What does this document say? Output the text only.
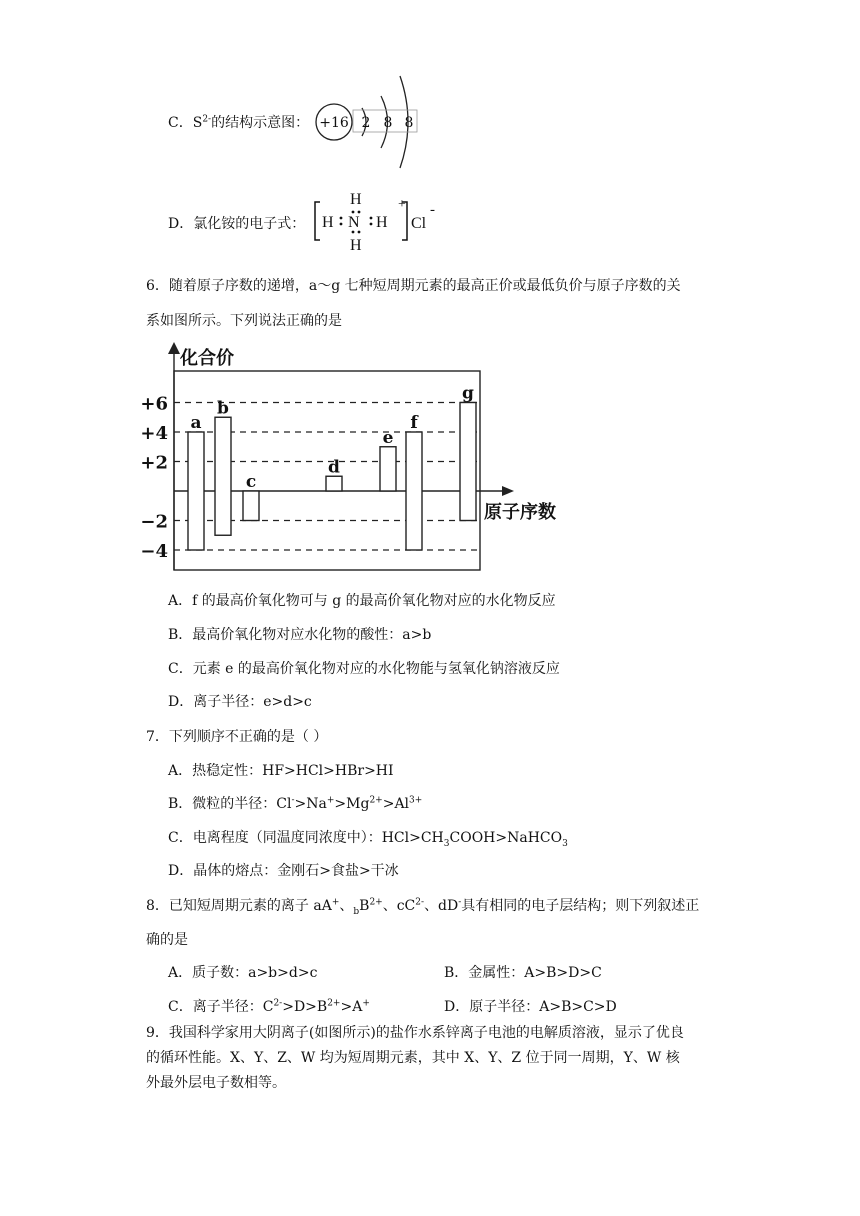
C．$S^{2-}$的结构示意图： +16 2 8 8
D．氯化铵的电子式： H N H
H
H
+
Cl
-
6．随着原子序数的递增，a～g 七种短周期元素的最高正价或最低负价与原子序数的关
系如图所示。下列说法正确的是
化合价
原子序数
+6
+4
+2
−2
−4
a
b
c
d
e
f
g
A．f 的最高价氧化物可与 g 的最高价氧化物对应的水化物反应
B．最高价氧化物对应水化物的酸性：a>b
C．元素 e 的最高价氧化物对应的水化物能与氢氧化钠溶液反应
D．离子半径：e>d>c
7．下列顺序不正确的是（ ）
A．热稳定性：HF>HCl>HBr>HI
B．微粒的半径：$Cl^->Na^+>Mg^{2+}>Al^{3+}$
C．电离程度（同温度同浓度中）：$HCl>CH_3COOH>NaHCO_3$
D．晶体的熔点：金刚石>食盐>干冰
8．已知短周期元素的离子 aA+、$_bB^{2+}$、$cC^{2-}$、dD-具有相同的电子层结构；则下列叙述正
确的是
A．质子数：a>b>d>c	B．金属性：A>B>D>C
C．离子半径：$C^{2-}>D>B^{2+}>A^+$	D．原子半径：A>B>C>D
9．我国科学家用大阴离子(如图所示)的盐作水系锌离子电池的电解质溶液，显示了优良
的循环性能。X、Y、Z、W 均为短周期元素，其中 X、Y、Z 位于同一周期，Y、W 核
外最外层电子数相等。
